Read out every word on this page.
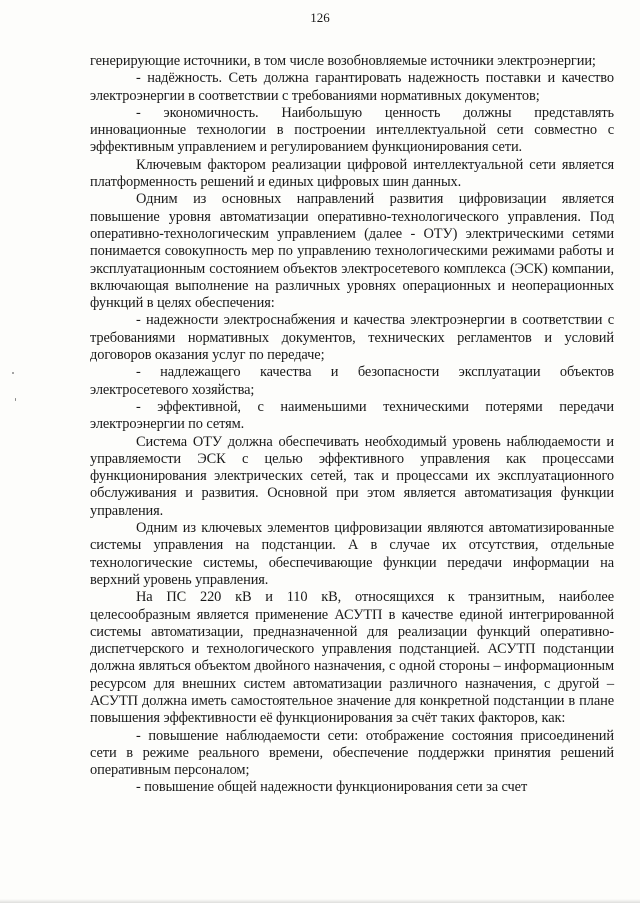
126

генерирующие источники, в том числе возобновляемые источники электроэнергии;

- надёжность. Сеть должна гарантировать надежность поставки и качество электроэнергии в соответствии с требованиями нормативных документов;

- экономичность. Наибольшую ценность должны представлять инновационные технологии в построении интеллектуальной сети совместно с эффективным управлением и регулированием функционирования сети.

Ключевым фактором реализации цифровой интеллектуальной сети является платформенность решений и единых цифровых шин данных.

Одним из основных направлений развития цифровизации является повышение уровня автоматизации оперативно-технологического управления. Под оперативно-технологическим управлением (далее - ОТУ) электрическими сетями понимается совокупность мер по управлению технологическими режимами работы и эксплуатационным состоянием объектов электросетевого комплекса (ЭСК) компании, включающая выполнение на различных уровнях операционных и неоперационных функций в целях обеспечения:

- надежности электроснабжения и качества электроэнергии в соответствии с требованиями нормативных документов, технических регламентов и условий договоров оказания услуг по передаче;

- надлежащего качества и безопасности эксплуатации объектов электросетевого хозяйства;

- эффективной, с наименьшими техническими потерями передачи электроэнергии по сетям.

Система ОТУ должна обеспечивать необходимый уровень наблюдаемости и управляемости ЭСК с целью эффективного управления как процессами функционирования электрических сетей, так и процессами их эксплуатационного обслуживания и развития. Основной при этом является автоматизация функции управления.

Одним из ключевых элементов цифровизации являются автоматизированные системы управления на подстанции. А в случае их отсутствия, отдельные технологические системы, обеспечивающие функции передачи информации на верхний уровень управления.

На ПС 220 кВ и 110 кВ, относящихся к транзитным, наиболее целесообразным является применение АСУТП в качестве единой интегрированной системы автоматизации, предназначенной для реализации функций оперативно-диспетчерского и технологического управления подстанцией. АСУТП подстанции должна являться объектом двойного назначения, с одной стороны – информационным ресурсом для внешних систем автоматизации различного назначения, с другой – АСУТП должна иметь самостоятельное значение для конкретной подстанции в плане повышения эффективности её функционирования за счёт таких факторов, как:

- повышение наблюдаемости сети: отображение состояния присоединений сети в режиме реального времени, обеспечение поддержки принятия решений оперативным персоналом;

- повышение общей надежности функционирования сети за счет
